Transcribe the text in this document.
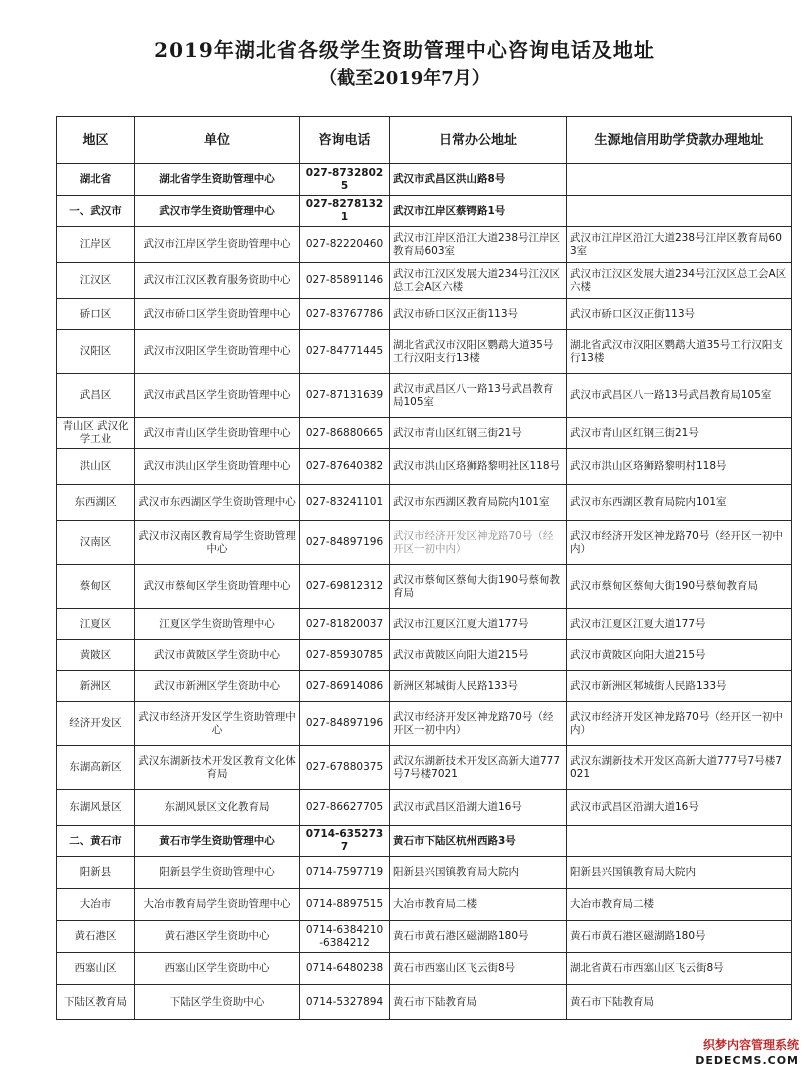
2019年湖北省各级学生资助管理中心咨询电话及地址
（截至2019年7月）
地区	单位	咨询电话	日常办公地址	生源地信用助学贷款办理地址
湖北省	湖北省学生资助管理中心	027-87328025	武汉市武昌区洪山路8号	
一、武汉市	武汉市学生资助管理中心	027-82781321	武汉市江岸区蔡锷路1号	
江岸区	武汉市江岸区学生资助管理中心	027-82220460	武汉市江岸区沿江大道238号江岸区教育局603室	武汉市江岸区沿江大道238号江岸区教育局603室
江汉区	武汉市江汉区教育服务资助中心	027-85891146	武汉市江汉区发展大道234号江汉区总工会A区六楼	武汉市江汉区发展大道234号江汉区总工会A区六楼
硚口区	武汉市硚口区学生资助管理中心	027-83767786	武汉市硚口区汉正街113号	武汉市硚口区汉正街113号
汉阳区	武汉市汉阳区学生资助管理中心	027-84771445	湖北省武汉市汉阳区鹦鹉大道35号工行汉阳支行13楼	湖北省武汉市汉阳区鹦鹉大道35号工行汉阳支行13楼
武昌区	武汉市武昌区学生资助管理中心	027-87131639	武汉市武昌区八一路13号武昌教育局105室	武汉市武昌区八一路13号武昌教育局105室
青山区 武汉化学工业	武汉市青山区学生资助管理中心	027-86880665	武汉市青山区红钢三街21号	武汉市青山区红钢三街21号
洪山区	武汉市洪山区学生资助管理中心	027-87640382	武汉市洪山区珞狮路黎明社区118号	武汉市洪山区珞狮路黎明村118号
东西湖区	武汉市东西湖区学生资助管理中心	027-83241101	武汉市东西湖区教育局院内101室	武汉市东西湖区教育局院内101室
汉南区	武汉市汉南区教育局学生资助管理中心	027-84897196	武汉市经济开发区神龙路70号（经开区一初中内）	武汉市经济开发区神龙路70号（经开区一初中内）
蔡甸区	武汉市蔡甸区学生资助管理中心	027-69812312	武汉市蔡甸区蔡甸大街190号蔡甸教育局	武汉市蔡甸区蔡甸大街190号蔡甸教育局
江夏区	江夏区学生资助管理中心	027-81820037	武汉市江夏区江夏大道177号	武汉市江夏区江夏大道177号
黄陂区	武汉市黄陂区学生资助中心	027-85930785	武汉市黄陂区向阳大道215号	武汉市黄陂区向阳大道215号
新洲区	武汉市新洲区学生资助中心	027-86914086	新洲区邾城街人民路133号	武汉市新洲区邾城街人民路133号
经济开发区	武汉市经济开发区学生资助管理中心	027-84897196	武汉市经济开发区神龙路70号（经开区一初中内）	武汉市经济开发区神龙路70号（经开区一初中内）
东湖高新区	武汉东湖新技术开发区教育文化体育局	027-67880375	武汉东湖新技术开发区高新大道777号7号楼7021	武汉东湖新技术开发区高新大道777号7号楼7021
东湖风景区	东湖风景区文化教育局	027-86627705	武汉市武昌区沿湖大道16号	武汉市武昌区沿湖大道16号
二、黄石市	黄石市学生资助管理中心	0714-6352737	黄石市下陆区杭州西路3号	
阳新县	阳新县学生资助管理中心	0714-7597719	阳新县兴国镇教育局大院内	阳新县兴国镇教育局大院内
大冶市	大冶市教育局学生资助管理中心	0714-8897515	大冶市教育局二楼	大冶市教育局二楼
黄石港区	黄石港区学生资助中心	0714-6384210 -6384212	黄石市黄石港区磁湖路180号	黄石市黄石港区磁湖路180号
西塞山区	西塞山区学生资助中心	0714-6480238	黄石市西塞山区飞云街8号	湖北省黄石市西塞山区飞云街8号
下陆区教育局	下陆区学生资助中心	0714-5327894	黄石市下陆教育局	黄石市下陆教育局
织梦内容管理系统
DEDECMS.COM
